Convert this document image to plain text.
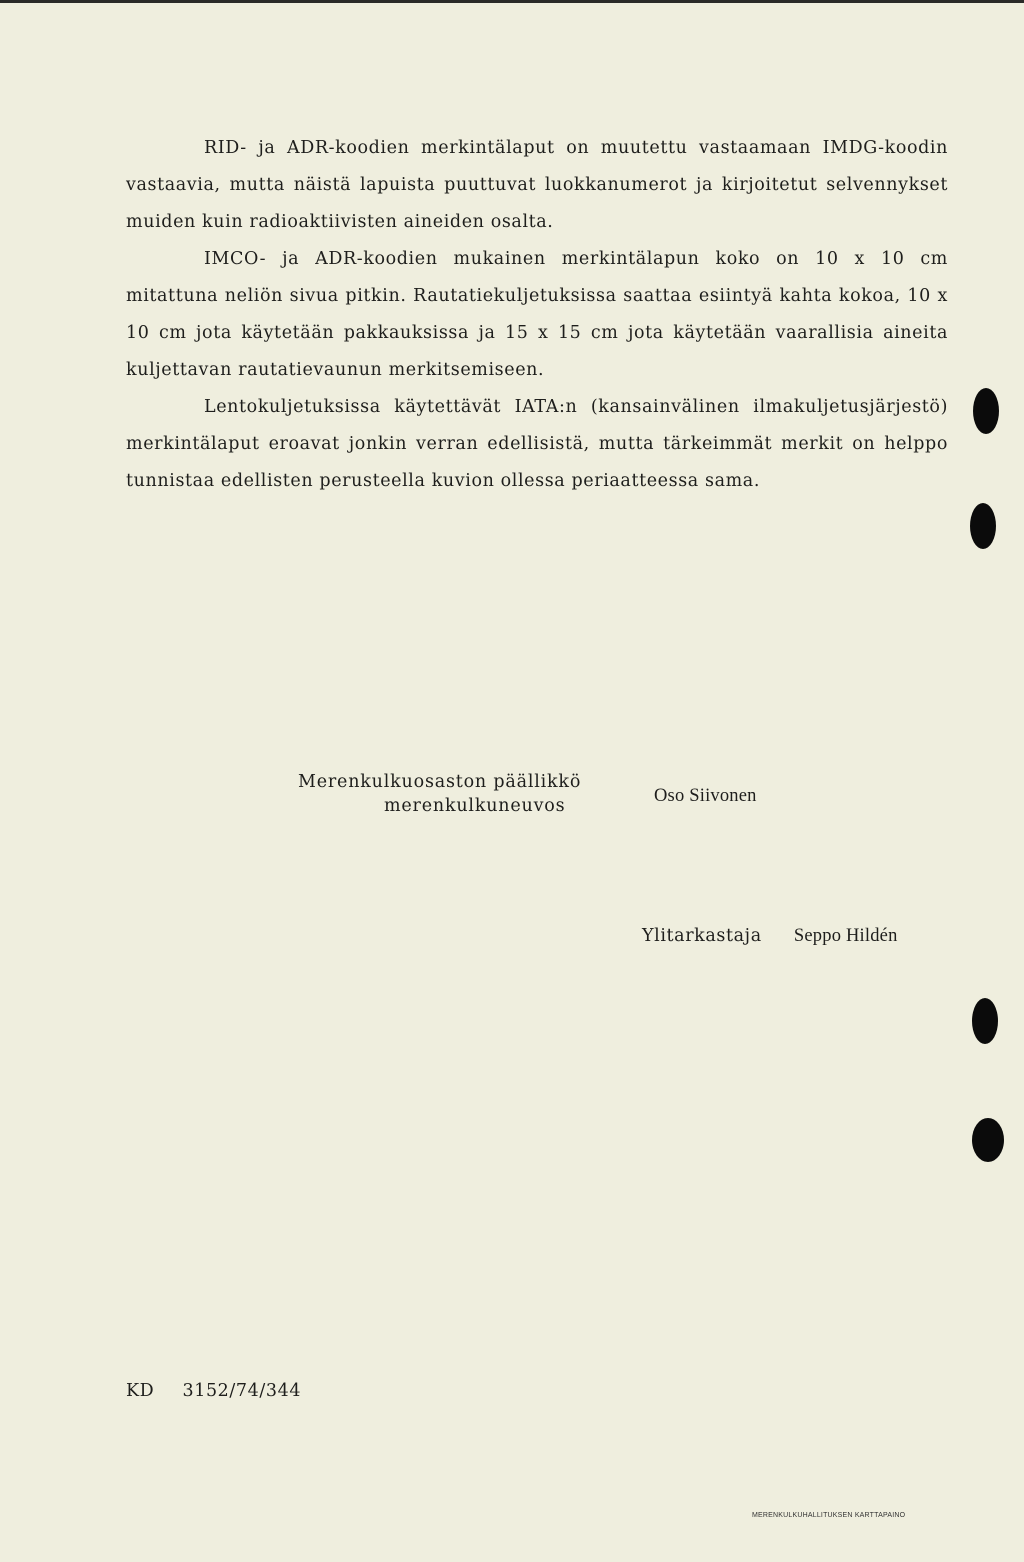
RID- ja ADR-koodien merkintälaput on muutettu vastaamaan IMDG-koodin vastaavia, mutta näistä lapuista puuttuvat luokkanumerot ja kirjoitetut selvennykset muiden kuin radioaktiivisten aineiden osalta.

IMCO- ja ADR-koodien mukainen merkintälapun koko on 10 x 10 cm mitattuna neliön sivua pitkin. Rautatiekuljetuksissa saattaa esiintyä kahta kokoa, 10 x 10 cm jota käytetään pakkauksissa ja 15 x 15 cm jota käytetään vaarallisia aineita kuljettavan rautatievaunun merkitsemiseen.

Lentokuljetuksissa käytettävät IATA:n (kansainvälinen ilmakuljetusjärjestö) merkintälaput eroavat jonkin verran edellisistä, mutta tärkeimmät merkit on helppo tunnistaa edellisten perusteella kuvion ollessa periaatteessa sama.

Merenkulkuosaston päällikkö
merenkulkuneuvos	Oso Siivonen
Ylitarkastaja Seppo Hildén
KD 3152/74/344
MERENKULKUHALLITUKSEN KARTTAPAINO
